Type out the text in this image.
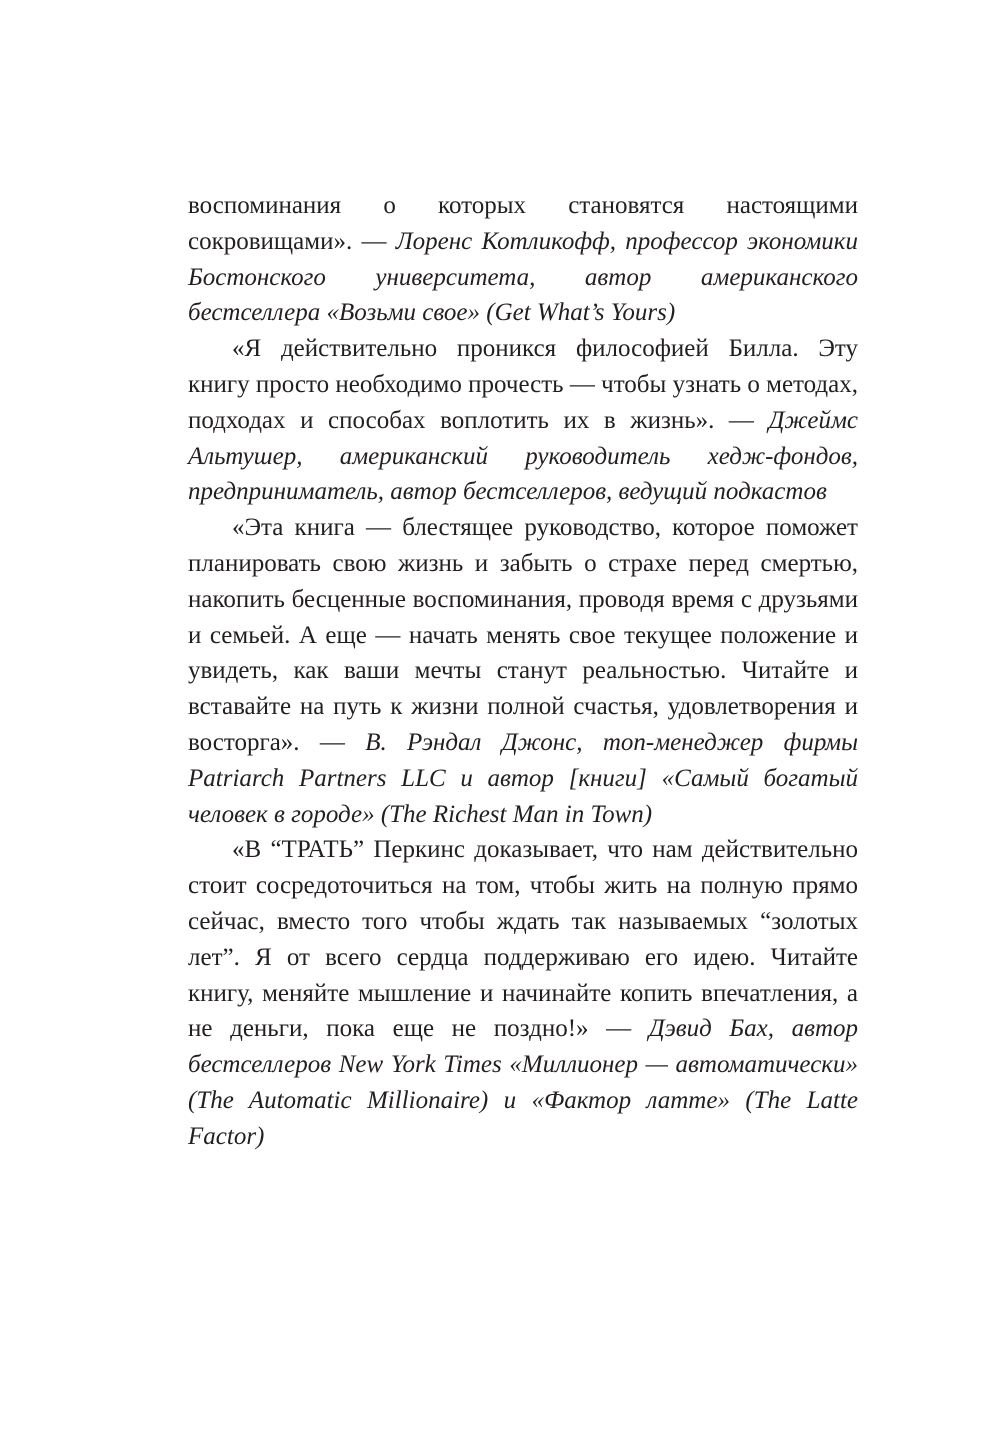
воспоминания о которых становятся настоящими сокровищами». — Лоренс Котликофф, профессор экономики Бостонского университета, автор американского бестселлера «Возьми свое» (Get What’s Yours)

«Я действительно проникся философией Билла. Эту книгу просто необходимо прочесть — чтобы узнать о методах, подходах и способах воплотить их в жизнь». — Джеймс Альтушер, американский руководитель хедж-фондов, предприниматель, автор бестселлеров, ведущий подкастов

«Эта книга — блестящее руководство, которое поможет планировать свою жизнь и забыть о страхе перед смертью, накопить бесценные воспоминания, проводя время с друзьями и семьей. А еще — начать менять свое текущее положение и увидеть, как ваши мечты станут реальностью. Читайте и вставайте на путь к жизни полной счастья, удовлетворения и восторга». — В. Рэндал Джонс, топ-менеджер фирмы Patriarch Partners LLC и автор [книги] «Самый богатый человек в городе» (The Richest Man in Town)

«В “ТРАТЬ” Перкинс доказывает, что нам действительно стоит сосредоточиться на том, чтобы жить на полную прямо сейчас, вместо того чтобы ждать так называемых “золотых лет”. Я от всего сердца поддерживаю его идею. Читайте книгу, меняйте мышление и начинайте копить впечатления, а не деньги, пока еще не поздно!» — Дэвид Бах, автор бестселлеров New York Times «Миллионер — автоматически» (The Automatic Millionaire) и «Фактор латте» (The Latte Factor)
